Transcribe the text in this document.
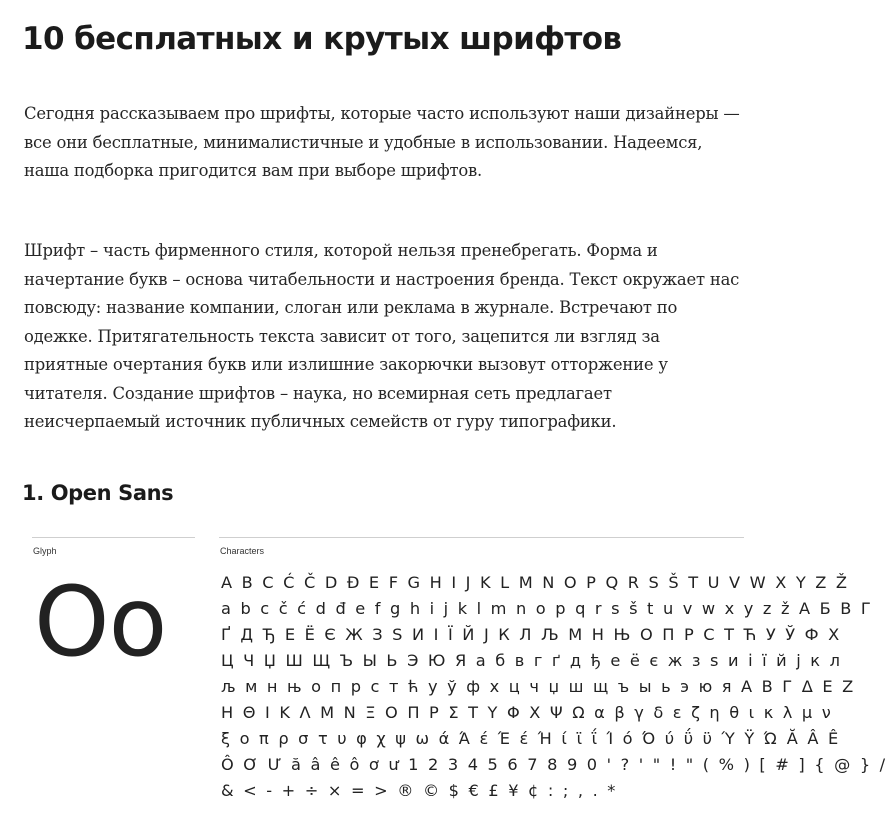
10 бесплатных и крутых шрифтов

Сегодня рассказываем про шрифты, которые часто используют наши дизайнеры — все они бесплатные, минималистичные и удобные в использовании. Надеемся, наша подборка пригодится вам при выборе шрифтов.

Шрифт – часть фирменного стиля, которой нельзя пренебрегать. Форма и начертание букв – основа читабельности и настроения бренда. Текст окружает нас повсюду: название компании, слоган или реклама в журнале. Встречают по одежке. Притягательность текста зависит от того, зацепится ли взгляд за приятные очертания букв или излишние закорючки вызовут отторжение у читателя. Создание шрифтов – наука, но всемирная сеть предлагает неисчерпаемый источник публичных семейств от гуру типографики.

1. Open Sans
Glyph	Characters
Oo	A B C Ć Č D Đ E F G H I J K L M N O P Q R S Š T U V W X Y Z Ž
a b c č ć d đ e f g h i j k l m n o p q r s š t u v w x y z ž А Б В Г
Ґ Д Ђ Е Ё Є Ж З Ѕ И І Ї Й Ј К Л Љ М Н Њ О П Р С Т Ћ У Ў Ф Х
Ц Ч Џ Ш Щ Ъ Ы Ь Э Ю Я а б в г ґ д ђ е ё є ж з ѕ и і ї й ј к л
љ м н њ о п р с т ћ у ў ф х ц ч џ ш щ ъ ы ь э ю я А В Г Δ Ε Ζ
Η Θ Ι Κ Λ Μ Ν Ξ Ο Π Ρ Σ Τ Υ Φ Χ Ψ Ω α β γ δ ε ζ η θ ι κ λ μ ν
ξ ο π ρ σ τ υ φ χ ψ ω ά Ά έ Έ έ Ή ί ϊ ΐ Ί ό Ό ύ ΰ ϋ Ύ Ϋ Ώ Ă Â Ê
Ô Ơ Ư ă â ê ô ơ ư 1 2 3 4 5 6 7 8 9 0 ' ? ' " ! " ( % ) [ # ] { @ } /
& < - + ÷ × = > ® © $ € £ ¥ ¢ : ; , . *
